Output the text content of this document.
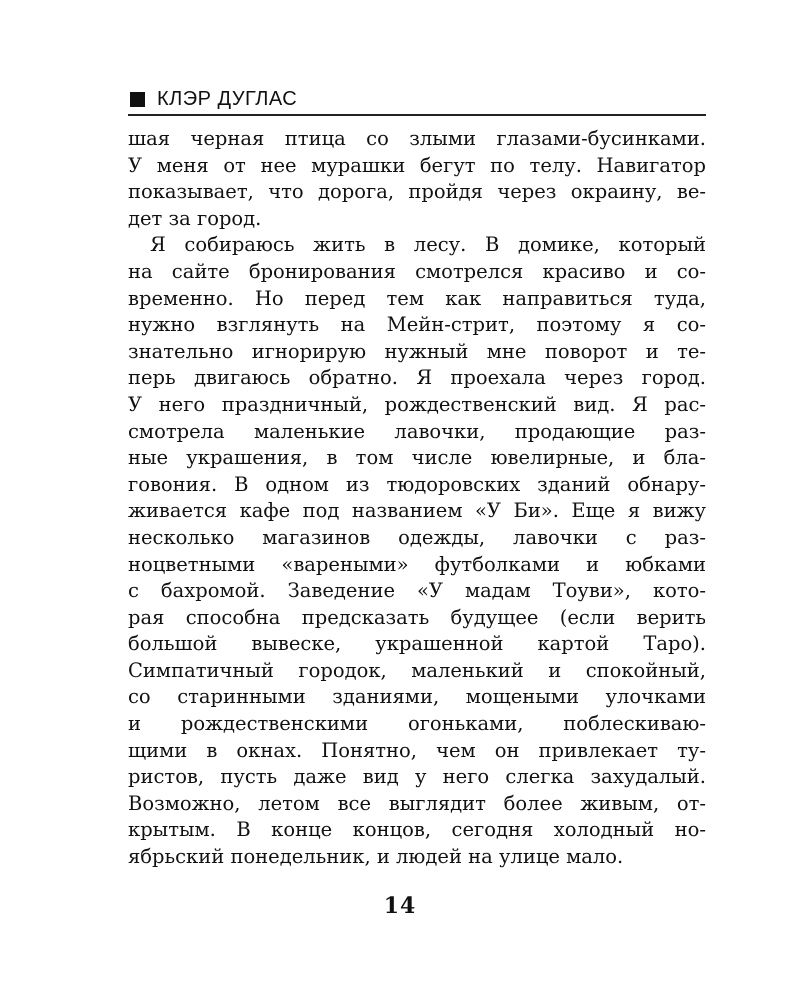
КЛЭР ДУГЛАС
шая черная птица со злыми глазами-бусинками.
У меня от нее мурашки бегут по телу. Навигатор
показывает, что дорога, пройдя через окраину, ве-
дет за город.
Я собираюсь жить в лесу. В домике, который
на сайте бронирования смотрелся красиво и со-
временно. Но перед тем как направиться туда,
нужно взглянуть на Мейн-стрит, поэтому я со-
знательно игнорирую нужный мне поворот и те-
перь двигаюсь обратно. Я проехала через город.
У него праздничный, рождественский вид. Я рас-
смотрела маленькие лавочки, продающие раз-
ные украшения, в том числе ювелирные, и бла-
говония. В одном из тюдоровских зданий обнару-
живается кафе под названием «У Би». Еще я вижу
несколько магазинов одежды, лавочки с раз-
ноцветными «вареными» футболками и юбками
с бахромой. Заведение «У мадам Тоуви», кото-
рая способна предсказать будущее (если верить
большой вывеске, украшенной картой Таро).
Симпатичный городок, маленький и спокойный,
со старинными зданиями, мощеными улочками
и рождественскими огоньками, поблескиваю-
щими в окнах. Понятно, чем он привлекает ту-
ристов, пусть даже вид у него слегка захудалый.
Возможно, летом все выглядит более живым, от-
крытым. В конце концов, сегодня холодный но-
ябрьский понедельник, и людей на улице мало.
14
